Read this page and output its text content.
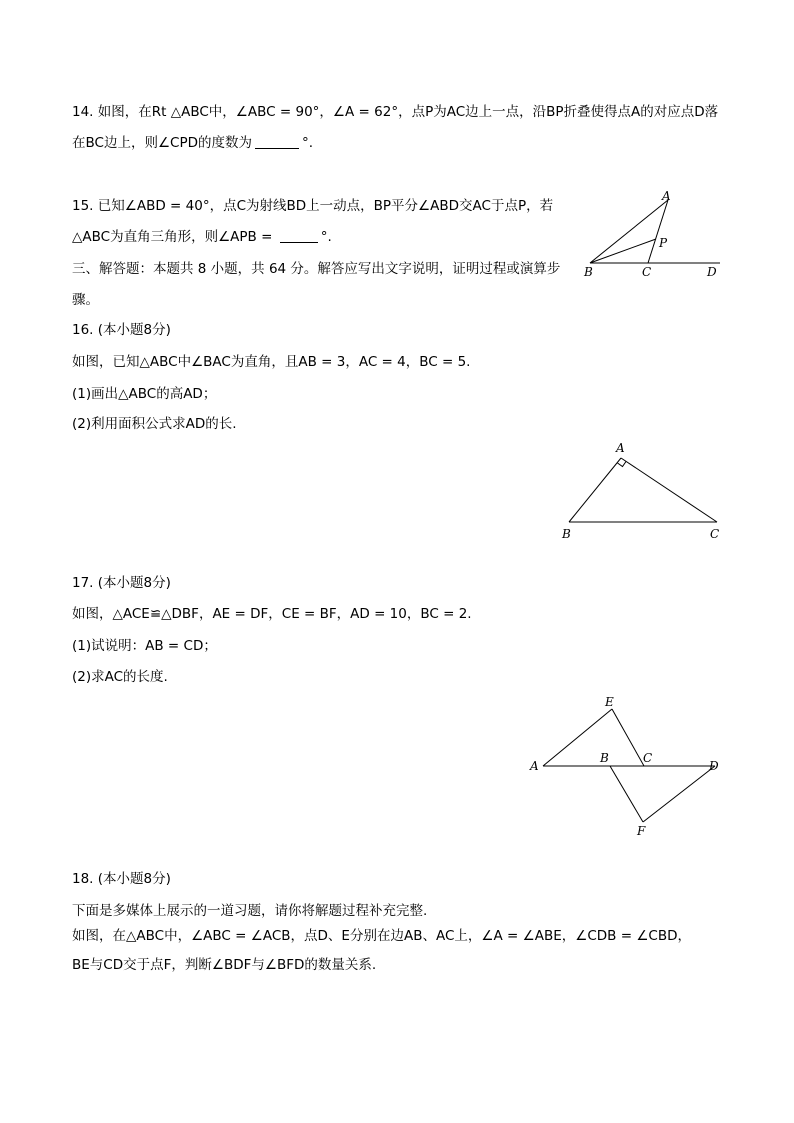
14. 如图，在Rt △ABC中，∠ABC = 90°，∠A = 62°，点P为AC边上一点，沿BP折叠使得点A的对应点D落
在BC边上，则∠CPD的度数为	°.
15. 已知∠ABD = 40°，点C为射线BD上一动点，BP平分∠ABD交AC于点P，若
△ABC为直角三角形，则∠APB =	°.
A
P
B	C	D
三、解答题：本题共 8 小题，共 64 分。解答应写出文字说明，证明过程或演算步
骤。
16. (本小题8分)
如图，已知△ABC中∠BAC为直角，且AB = 3，AC = 4，BC = 5.
(1)画出△ABC的高AD；
(2)利用面积公式求AD的长.
A
B	C
17. (本小题8分)
如图，△ACE≌△DBF，AE = DF，CE = BF，AD = 10，BC = 2.
(1)试说明：AB = CD；
(2)求AC的长度.
E
A
B	C
D
F
18. (本小题8分)
下面是多媒体上展示的一道习题，请你将解题过程补充完整.
如图，在△ABC中，∠ABC = ∠ACB，点D、E分别在边AB、AC上，∠A = ∠ABE，∠CDB = ∠CBD，
BE与CD交于点F，判断∠BDF与∠BFD的数量关系.
